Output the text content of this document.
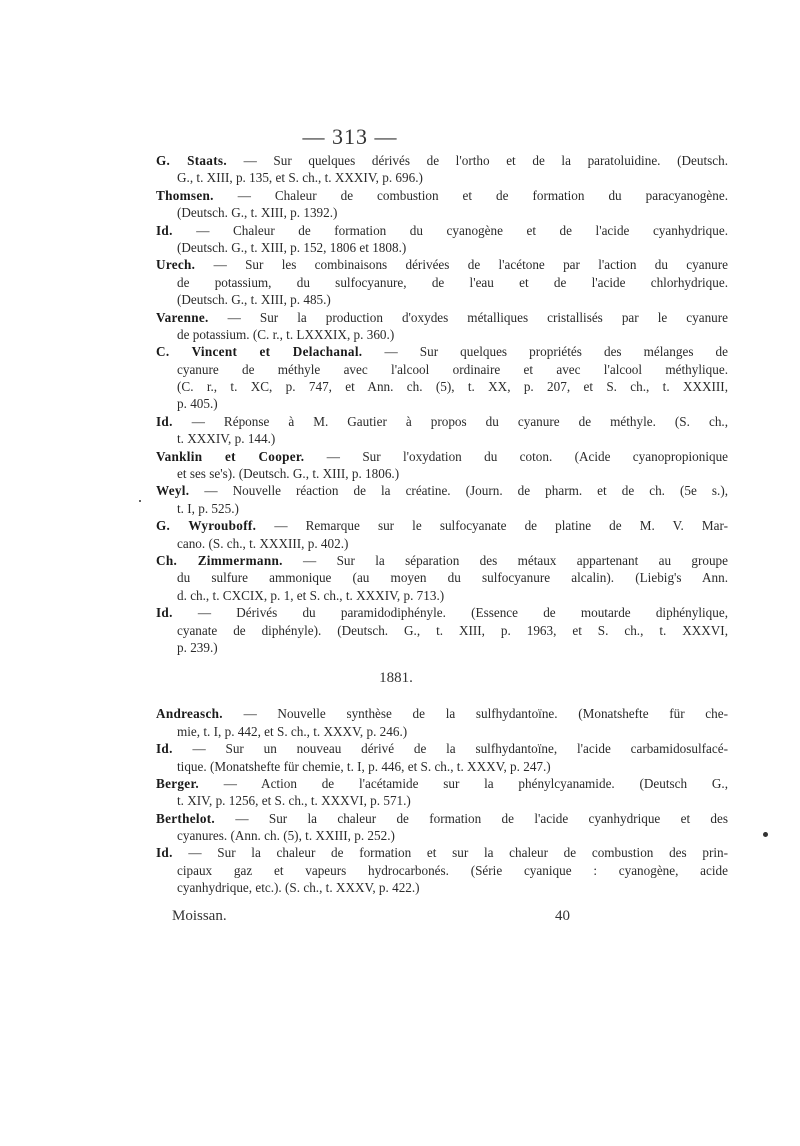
— 313 —
G. Staats. — Sur quelques dérivés de l'ortho et de la paratoluidine. (Deutsch.
G., t. XIII, p. 135, et S. ch., t. XXXIV, p. 696.)
Thomsen. — Chaleur de combustion et de formation du paracyanogène.
(Deutsch. G., t. XIII, p. 1392.)
Id. — Chaleur de formation du cyanogène et de l'acide cyanhydrique.
(Deutsch. G., t. XIII, p. 152, 1806 et 1808.)
Urech. — Sur les combinaisons dérivées de l'acétone par l'action du cyanure
de potassium, du sulfocyanure, de l'eau et de l'acide chlorhydrique.
(Deutsch. G., t. XIII, p. 485.)
Varenne. — Sur la production d'oxydes métalliques cristallisés par le cyanure
de potassium. (C. r., t. LXXXIX, p. 360.)
C. Vincent et Delachanal. — Sur quelques propriétés des mélanges de
cyanure de méthyle avec l'alcool ordinaire et avec l'alcool méthylique.
(C. r., t. XC, p. 747, et Ann. ch. (5), t. XX, p. 207, et S. ch., t. XXXIII,
p. 405.)
Id. — Réponse à M. Gautier à propos du cyanure de méthyle. (S. ch.,
t. XXXIV, p. 144.)
Vanklin et Cooper. — Sur l'oxydation du coton. (Acide cyanopropionique
et ses se's). (Deutsch. G., t. XIII, p. 1806.)
Weyl. — Nouvelle réaction de la créatine. (Journ. de pharm. et de ch. (5e s.),
t. I, p. 525.)
G. Wyrouboff. — Remarque sur le sulfocyanate de platine de M. V. Mar-
cano. (S. ch., t. XXXIII, p. 402.)
Ch. Zimmermann. — Sur la séparation des métaux appartenant au groupe
du sulfure ammonique (au moyen du sulfocyanure alcalin). (Liebig's Ann.
d. ch., t. CXCIX, p. 1, et S. ch., t. XXXIV, p. 713.)
Id. — Dérivés du paramidodiphényle. (Essence de moutarde diphénylique,
cyanate de diphényle). (Deutsch. G., t. XIII, p. 1963, et S. ch., t. XXXVI,
p. 239.)
1881.
Andreasch. — Nouvelle synthèse de la sulfhydantoïne. (Monatshefte für che-
mie, t. I, p. 442, et S. ch., t. XXXV, p. 246.)
Id. — Sur un nouveau dérivé de la sulfhydantoïne, l'acide carbamidosulfacé-
tique. (Monatshefte für chemie, t. I, p. 446, et S. ch., t. XXXV, p. 247.)
Berger. — Action de l'acétamide sur la phénylcyanamide. (Deutsch G.,
t. XIV, p. 1256, et S. ch., t. XXXVI, p. 571.)
Berthelot. — Sur la chaleur de formation de l'acide cyanhydrique et des
cyanures. (Ann. ch. (5), t. XXIII, p. 252.)
Id. — Sur la chaleur de formation et sur la chaleur de combustion des prin-
cipaux gaz et vapeurs hydrocarbonés. (Série cyanique : cyanogène, acide
cyanhydrique, etc.). (S. ch., t. XXXV, p. 422.)
Moissan.	40
